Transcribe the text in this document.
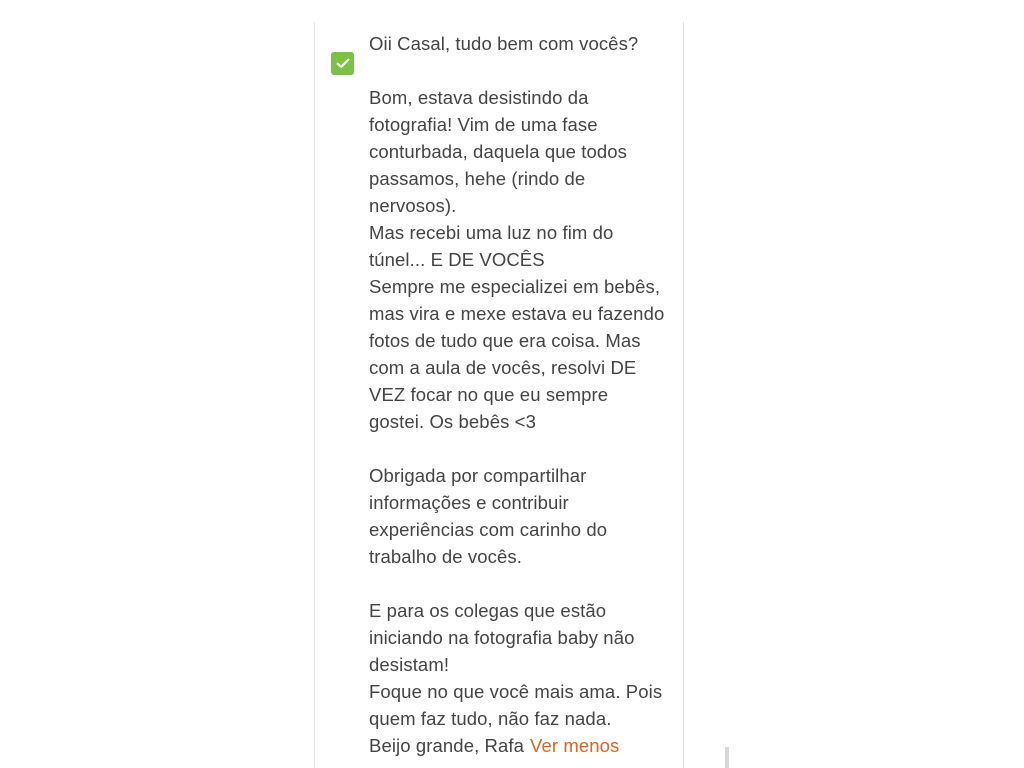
Oii Casal, tudo bem com vocês?
Bom, estava desistindo da
fotografia! Vim de uma fase
conturbada, daquela que todos
passamos, hehe (rindo de
nervosos).
Mas recebi uma luz no fim do
túnel... E DE VOCÊS
Sempre me especializei em bebês,
mas vira e mexe estava eu fazendo
fotos de tudo que era coisa. Mas
com a aula de vocês, resolvi DE
VEZ focar no que eu sempre
gostei. Os bebês <3
Obrigada por compartilhar
informações e contribuir
experiências com carinho do
trabalho de vocês.
E para os colegas que estão
iniciando na fotografia baby não
desistam!
Foque no que você mais ama. Pois
quem faz tudo, não faz nada.
Beijo grande, Rafa Ver menos
